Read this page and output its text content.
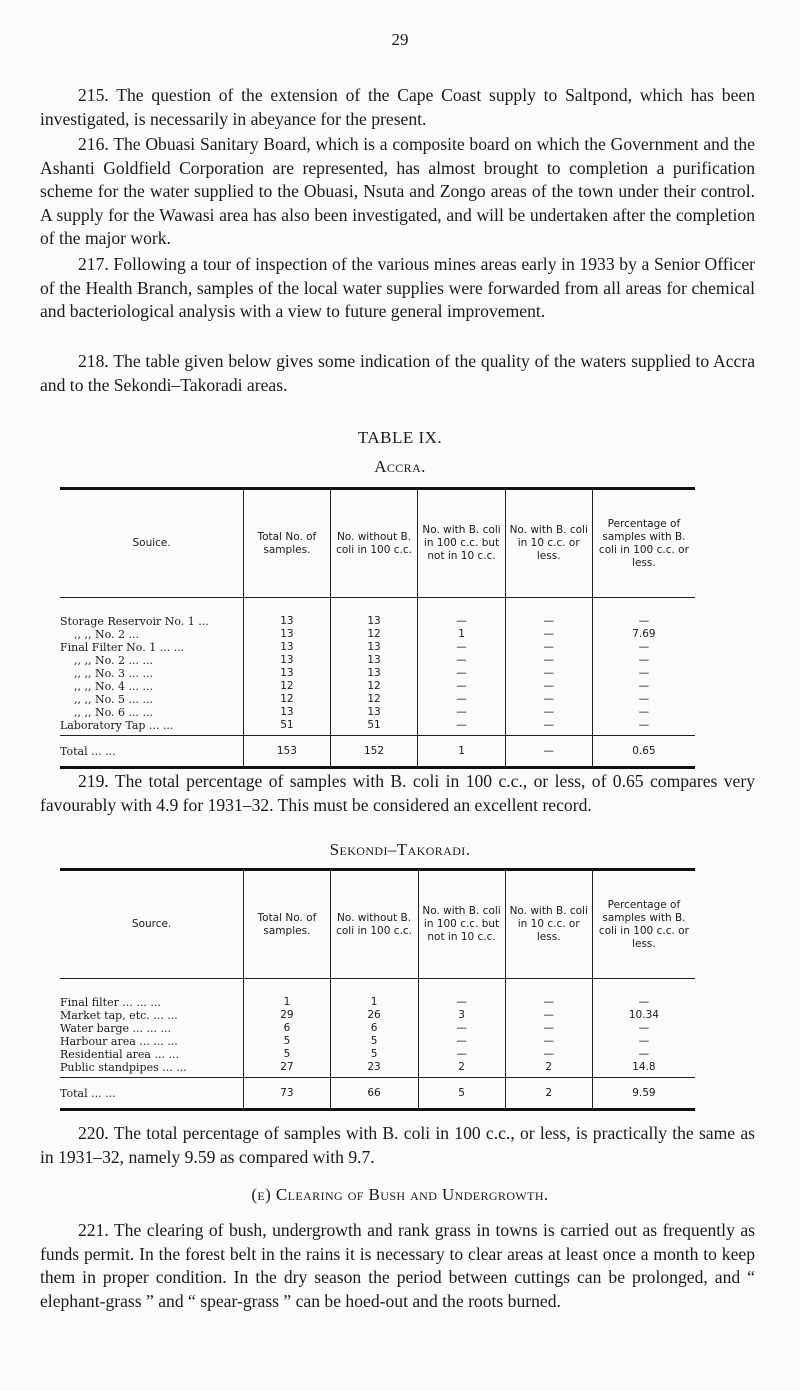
29

215. The question of the extension of the Cape Coast supply to Saltpond, which has been investigated, is necessarily in abeyance for the present.

216. The Obuasi Sanitary Board, which is a composite board on which the Government and the Ashanti Goldfield Corporation are represented, has almost brought to completion a purification scheme for the water supplied to the Obuasi, Nsuta and Zongo areas of the town under their control. A supply for the Wawasi area has also been investigated, and will be undertaken after the completion of the major work.

217. Following a tour of inspection of the various mines areas early in 1933 by a Senior Officer of the Health Branch, samples of the local water supplies were forwarded from all areas for chemical and bacteriological analysis with a view to future general improvement.

218. The table given below gives some indication of the quality of the waters supplied to Accra and to the Sekondi–Takoradi areas.

TABLE IX.
Accra.
Souice.	Total No. of samples.	No. without B. coli in 100 c.c.	No. with B. coli in 100 c.c. but not in 10 c.c.	No. with B. coli in 10 c.c. or less.	Percentage of samples with B. coli in 100 c.c. or less.

Storage Reservoir No. 1 ...	13	13	—	—	—
,, ,, No. 2 ...	13	12	1	—	7.69
Final Filter No. 1 ... ...	13	13	—	—	—
,, ,, No. 2 ... ...	13	13	—	—	—
,, ,, No. 3 ... ...	13	13	—	—	—
,, ,, No. 4 ... ...	12	12	—	—	—
,, ,, No. 5 ... ...	12	12	—	—	—
,, ,, No. 6 ... ...	13	13	—	—	—
Laboratory Tap ... ...	51	51	—	—	—

Total ... ...	153	152	1	—	0.65

219. The total percentage of samples with B. coli in 100 c.c., or less, of 0.65 compares very favourably with 4.9 for 1931–32. This must be considered an excellent record.

Sekondi–Takoradi.
Source.	Total No. of samples.	No. without B. coli in 100 c.c.	No. with B. coli in 100 c.c. but not in 10 c.c.	No. with B. coli in 10 c.c. or less.	Percentage of samples with B. coli in 100 c.c. or less.

Final filter ... ... ...	1	1	—	—	—
Market tap, etc. ... ...	29	26	3	—	10.34
Water barge ... ... ...	6	6	—	—	—
Harbour area ... ... ...	5	5	—	—	—
Residential area ... ...	5	5	—	—	—
Public standpipes ... ...	27	23	2	2	14.8

Total ... ...	73	66	5	2	9.59

220. The total percentage of samples with B. coli in 100 c.c., or less, is practically the same as in 1931–32, namely 9.59 as compared with 9.7.

(e) Clearing of Bush and Undergrowth.

221. The clearing of bush, undergrowth and rank grass in towns is carried out as frequently as funds permit. In the forest belt in the rains it is necessary to clear areas at least once a month to keep them in proper condition. In the dry season the period between cuttings can be prolonged, and “ elephant-grass ” and “ spear-grass ” can be hoed-out and the roots burned.
